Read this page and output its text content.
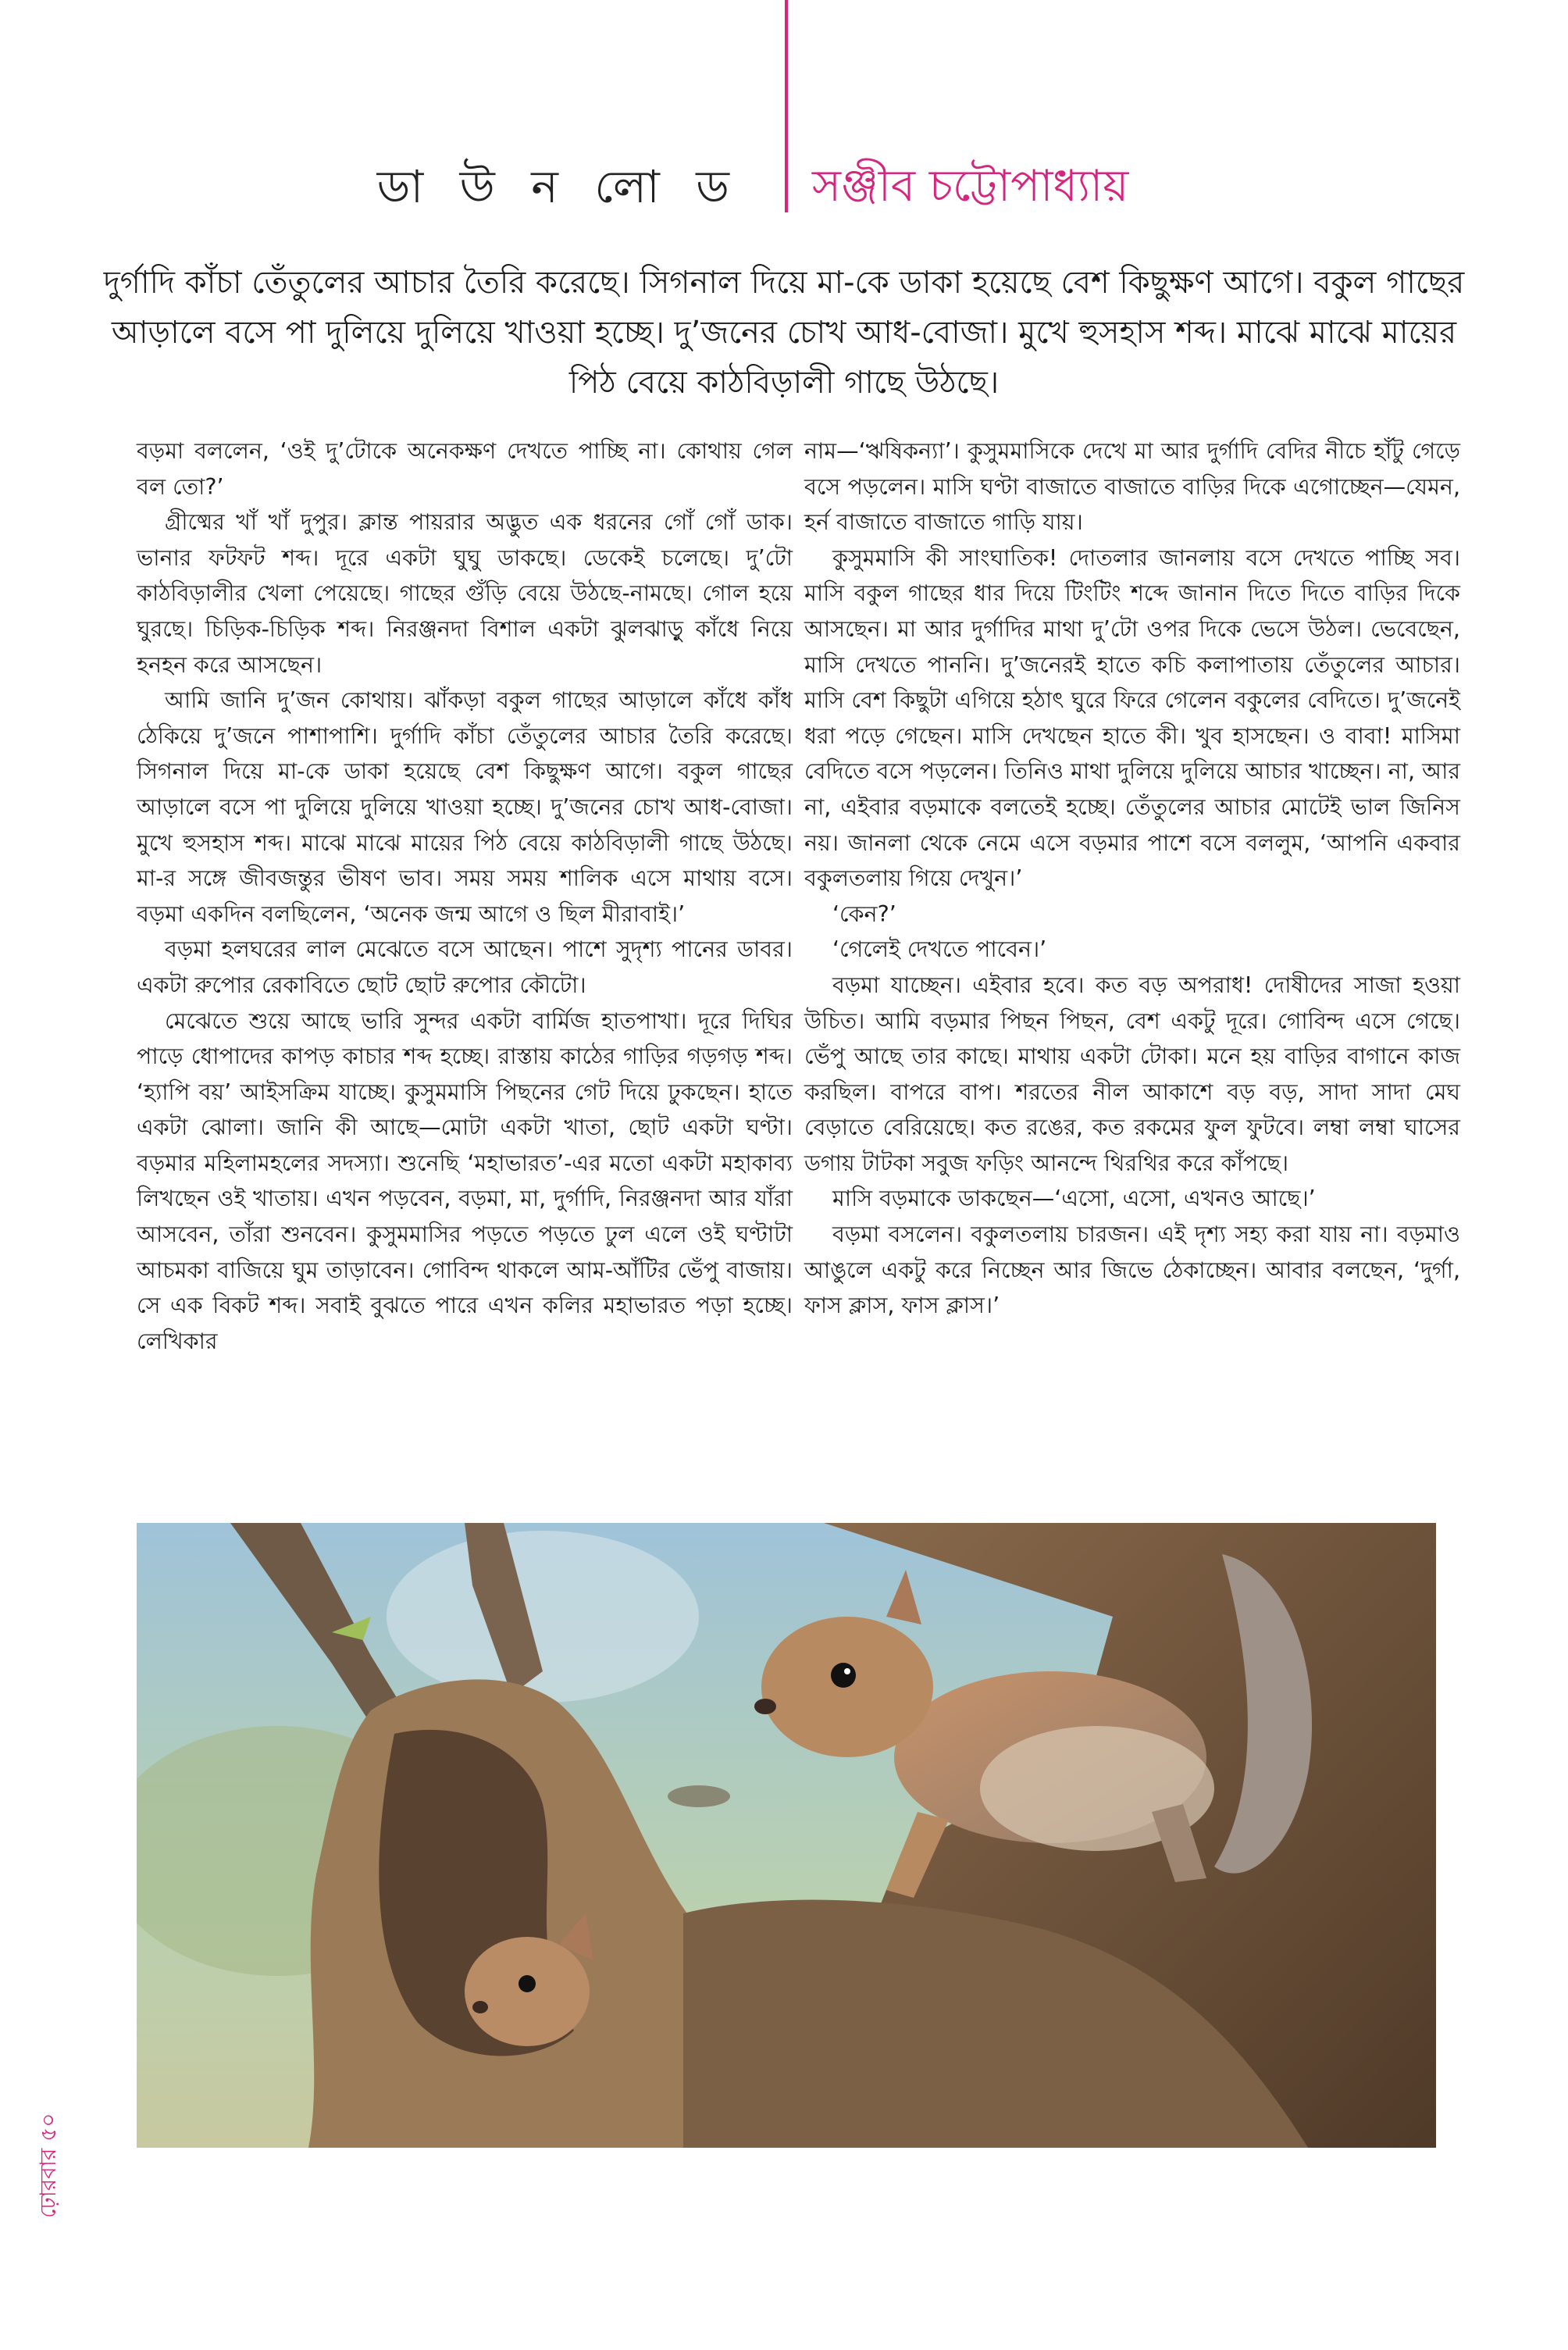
ডা উ ন লো ড সঞ্জীব চট্টোপাধ্যায়
দুর্গাদি কাঁচা তেঁতুলের আচার তৈরি করেছে। সিগনাল দিয়ে মা-কে ডাকা হয়েছে বেশ কিছুক্ষণ আগে। বকুল গাছের আড়ালে বসে পা দুলিয়ে দুলিয়ে খাওয়া হচ্ছে। দু’জনের চোখ আধ-বোজা। মুখে হুসহাস শব্দ। মাঝে মাঝে মায়ের পিঠ বেয়ে কাঠবিড়ালী গাছে উঠছে।

বড়মা বললেন, ‘ওই দু’টোকে অনেকক্ষণ দেখতে পাচ্ছি না। কোথায় গেল বল তো?’

গ্রীষ্মের খাঁ খাঁ দুপুর। ক্লান্ত পায়রার অদ্ভুত এক ধরনের গোঁ গোঁ ডাক। ভানার ফটফট শব্দ। দূরে একটা ঘুঘু ডাকছে। ডেকেই চলেছে। দু’টো কাঠবিড়ালীর খেলা পেয়েছে। গাছের গুঁড়ি বেয়ে উঠছে-নামছে। গোল হয়ে ঘুরছে। চিড়িক-চিড়িক শব্দ। নিরঞ্জনদা বিশাল একটা ঝুলঝাড়ু কাঁধে নিয়ে হনহন করে আসছেন।

আমি জানি দু’জন কোথায়। ঝাঁকড়া বকুল গাছের আড়ালে কাঁধে কাঁধ ঠেকিয়ে দু’জনে পাশাপাশি। দুর্গাদি কাঁচা তেঁতুলের আচার তৈরি করেছে। সিগনাল দিয়ে মা-কে ডাকা হয়েছে বেশ কিছুক্ষণ আগে। বকুল গাছের আড়ালে বসে পা দুলিয়ে দুলিয়ে খাওয়া হচ্ছে। দু’জনের চোখ আধ-বোজা। মুখে হুসহাস শব্দ। মাঝে মাঝে মায়ের পিঠ বেয়ে কাঠবিড়ালী গাছে উঠছে। মা-র সঙ্গে জীবজন্তুর ভীষণ ভাব। সময় সময় শালিক এসে মাথায় বসে। বড়মা একদিন বলছিলেন, ‘অনেক জন্ম আগে ও ছিল মীরাবাই।’

বড়মা হলঘরের লাল মেঝেতে বসে আছেন। পাশে সুদৃশ্য পানের ডাবর। একটা রুপোর রেকাবিতে ছোট ছোট রুপোর কৌটো।

মেঝেতে শুয়ে আছে ভারি সুন্দর একটা বার্মিজ হাতপাখা। দূরে দিঘির পাড়ে ধোপাদের কাপড় কাচার শব্দ হচ্ছে। রাস্তায় কাঠের গাড়ির গড়গড় শব্দ। ‘হ্যাপি বয়’ আইসক্রিম যাচ্ছে। কুসুমমাসি পিছনের গেট দিয়ে ঢুকছেন। হাতে একটা ঝোলা। জানি কী আছে—মোটা একটা খাতা, ছোট একটা ঘণ্টা। বড়মার মহিলামহলের সদস্যা। শুনেছি ‘মহাভারত’-এর মতো একটা মহাকাব্য লিখছেন ওই খাতায়। এখন পড়বেন, বড়মা, মা, দুর্গাদি, নিরঞ্জনদা আর যাঁরা আসবেন, তাঁরা শুনবেন। কুসুমমাসির পড়তে পড়তে ঢুল এলে ওই ঘণ্টাটা আচমকা বাজিয়ে ঘুম তাড়াবেন। গোবিন্দ থাকলে আম-আঁটির ভেঁপু বাজায়। সে এক বিকট শব্দ। সবাই বুঝতে পারে এখন কলির মহাভারত পড়া হচ্ছে। লেখিকার

নাম—‘ঋষিকন্যা’। কুসুমমাসিকে দেখে মা আর দুর্গাদি বেদির নীচে হাঁটু গেড়ে বসে পড়লেন। মাসি ঘণ্টা বাজাতে বাজাতে বাড়ির দিকে এগোচ্ছেন—যেমন, হর্ন বাজাতে বাজাতে গাড়ি যায়।

কুসুমমাসি কী সাংঘাতিক! দোতলার জানলায় বসে দেখতে পাচ্ছি সব। মাসি বকুল গাছের ধার দিয়ে টিংটিং শব্দে জানান দিতে দিতে বাড়ির দিকে আসছেন। মা আর দুর্গাদির মাথা দু’টো ওপর দিকে ভেসে উঠল। ভেবেছেন, মাসি দেখতে পাননি। দু’জনেরই হাতে কচি কলাপাতায় তেঁতুলের আচার। মাসি বেশ কিছুটা এগিয়ে হঠাৎ ঘুরে ফিরে গেলেন বকুলের বেদিতে। দু’জনেই ধরা পড়ে গেছেন। মাসি দেখছেন হাতে কী। খুব হাসছেন। ও বাবা! মাসিমা বেদিতে বসে পড়লেন। তিনিও মাথা দুলিয়ে দুলিয়ে আচার খাচ্ছেন। না, আর না, এইবার বড়মাকে বলতেই হচ্ছে। তেঁতুলের আচার মোটেই ভাল জিনিস নয়। জানলা থেকে নেমে এসে বড়মার পাশে বসে বললুম, ‘আপনি একবার বকুলতলায় গিয়ে দেখুন।’

‘কেন?’

‘গেলেই দেখতে পাবেন।’

বড়মা যাচ্ছেন। এইবার হবে। কত বড় অপরাধ! দোষীদের সাজা হওয়া উচিত। আমি বড়মার পিছন পিছন, বেশ একটু দূরে। গোবিন্দ এসে গেছে। ভেঁপু আছে তার কাছে। মাথায় একটা টোকা। মনে হয় বাড়ির বাগানে কাজ করছিল। বাপরে বাপ। শরতের নীল আকাশে বড় বড়, সাদা সাদা মেঘ বেড়াতে বেরিয়েছে। কত রঙের, কত রকমের ফুল ফুটবে। লম্বা লম্বা ঘাসের ডগায় টাটকা সবুজ ফড়িং আনন্দে থিরথির করে কাঁপছে।

মাসি বড়মাকে ডাকছেন—‘এসো, এসো, এখনও আছে।’

বড়মা বসলেন। বকুলতলায় চারজন। এই দৃশ্য সহ্য করা যায় না। বড়মাও আঙুলে একটু করে নিচ্ছেন আর জিভে ঠেকাচ্ছেন। আবার বলছেন, ‘দুর্গা, ফাস ক্লাস, ফাস ক্লাস।’

ঢ়োরবার ৫০
